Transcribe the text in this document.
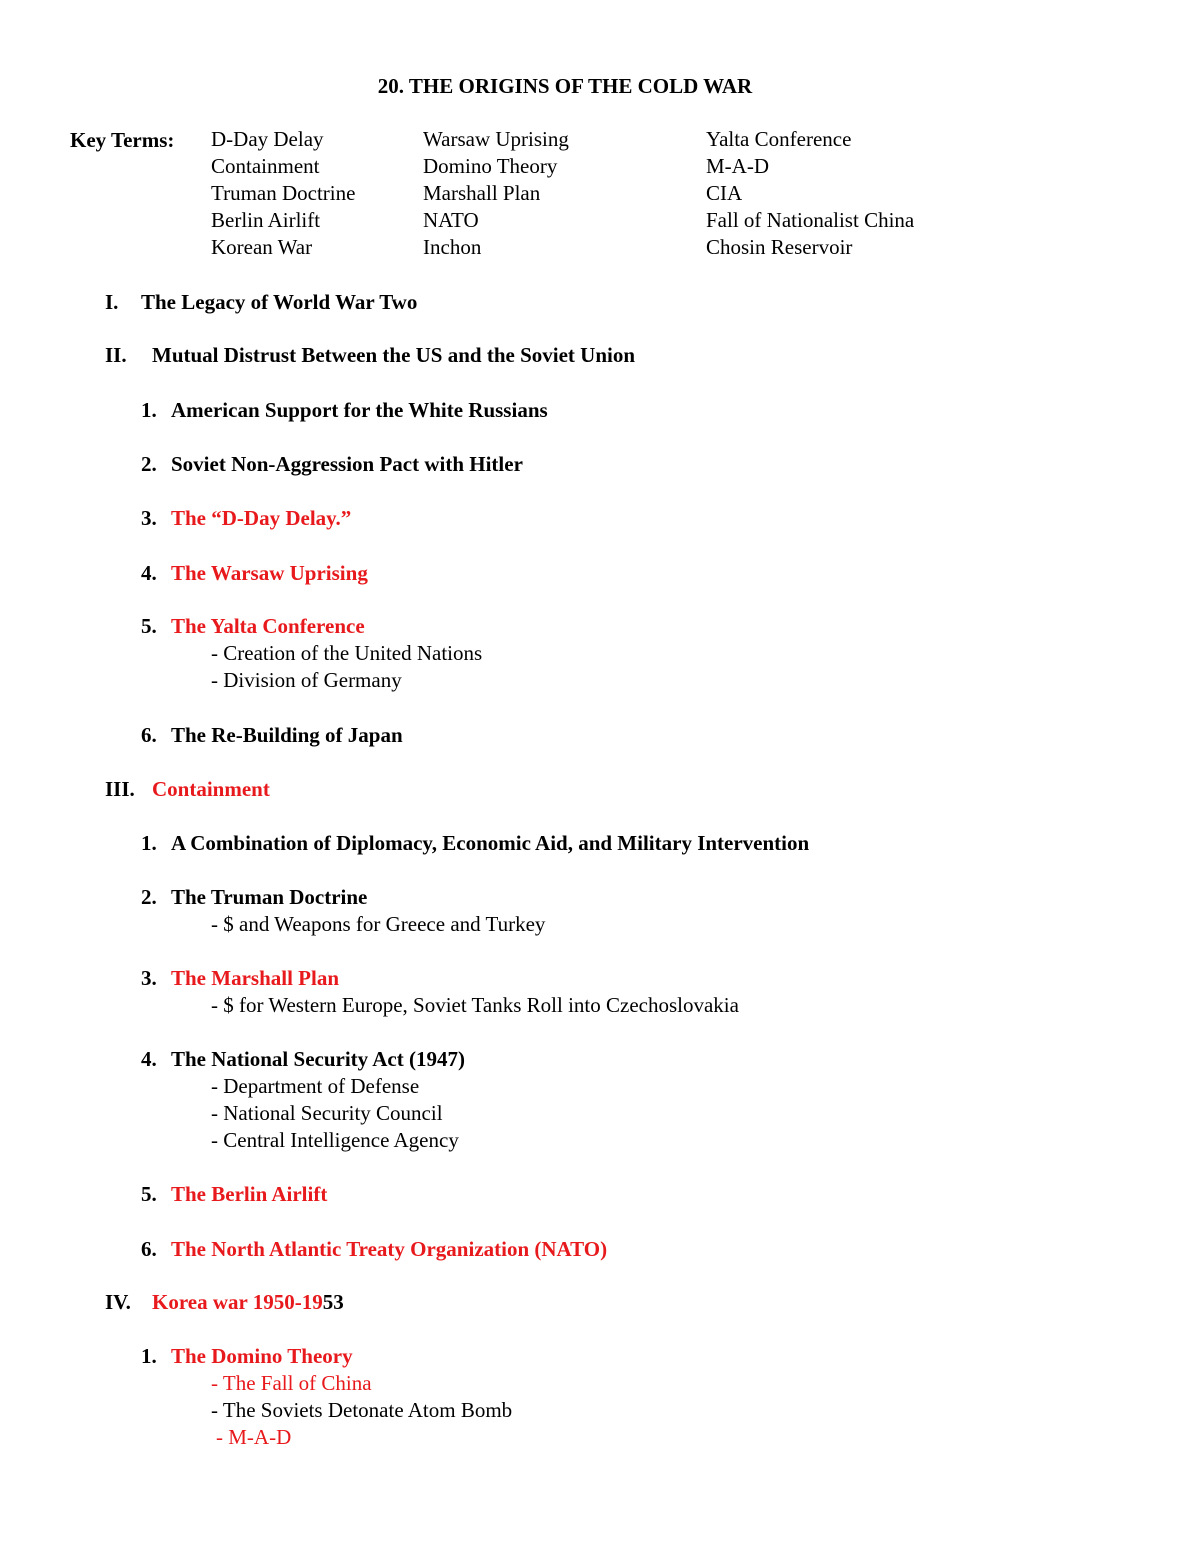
20. THE ORIGINS OF THE COLD WAR
Key Terms: D-Day Delay
Containment
Truman Doctrine
Berlin Airlift
Korean War
Warsaw Uprising
Domino Theory
Marshall Plan
NATO
Inchon
Yalta Conference
M-A-D
CIA
Fall of Nationalist China
Chosin Reservoir
I. The Legacy of World War Two
II. Mutual Distrust Between the US and the Soviet Union
1. American Support for the White Russians
2. Soviet Non-Aggression Pact with Hitler
3. The “D-Day Delay.”
4. The Warsaw Uprising
5. The Yalta Conference
- Creation of the United Nations
- Division of Germany
6. The Re-Building of Japan
III. Containment
1. A Combination of Diplomacy, Economic Aid, and Military Intervention
2. The Truman Doctrine
- $ and Weapons for Greece and Turkey
3. The Marshall Plan
- $ for Western Europe, Soviet Tanks Roll into Czechoslovakia
4. The National Security Act (1947)
- Department of Defense
- National Security Council
- Central Intelligence Agency
5. The Berlin Airlift
6. The North Atlantic Treaty Organization (NATO)
IV. Korea war 1950-1953
1. The Domino Theory
- The Fall of China
- The Soviets Detonate Atom Bomb
- M-A-D
